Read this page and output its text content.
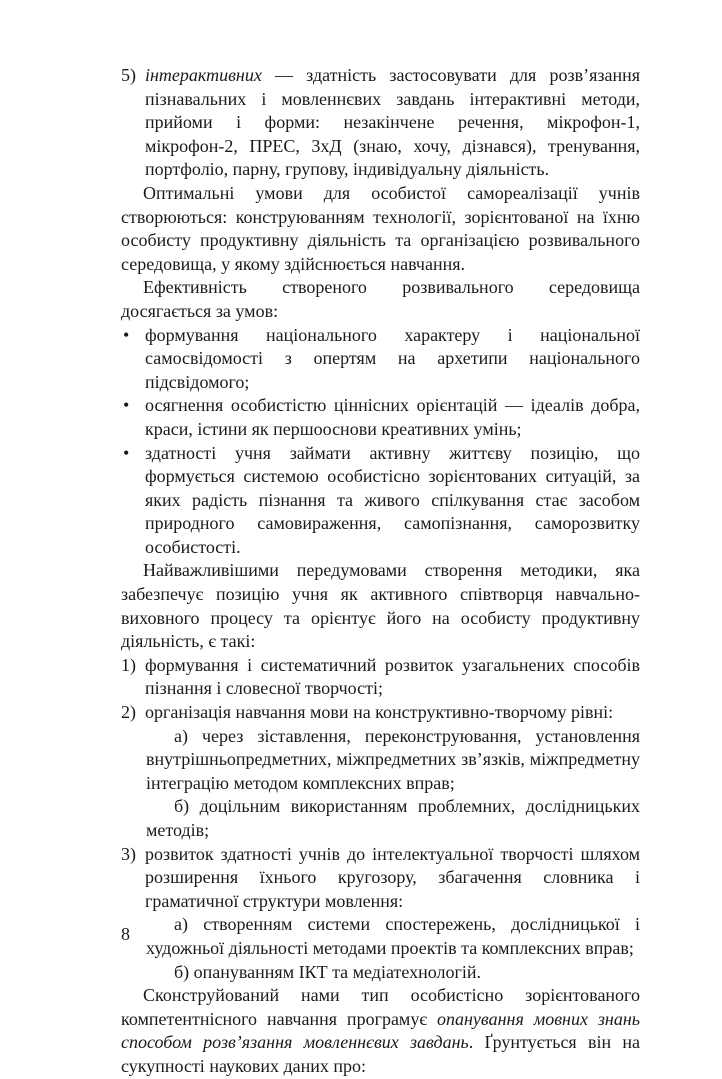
5) інтерактивних — здатність застосовувати для розв’язання пізнавальних і мовленнєвих завдань інтерактивні методи, прийоми і форми: незакінчене речення, мікрофон-1, мікрофон-2, ПРЕС, 3хД (знаю, хочу, дізнався), тренування, портфоліо, парну, групову, індивідуальну діяльність.

Оптимальні умови для особистої самореалізації учнів створюються: конструюванням технології, зорієнтованої на їхню особисту продуктивну діяльність та організацією розвивального середовища, у якому здійснюється навчання.

Ефективність створеного розвивального середовища досягається за умов:

• формування національного характеру і національної самосвідомості з опертям на архетипи національного підсвідомого;
• осягнення особистістю ціннісних орієнтацій — ідеалів добра, краси, істини як першооснови креативних умінь;
• здатності учня займати активну життєву позицію, що формується системою особистісно зорієнтованих ситуацій, за яких радість пізнання та живого спілкування стає засобом природного самовираження, самопізнання, саморозвитку особистості.

Найважливішими передумовами створення методики, яка забезпечує позицію учня як активного співтворця навчально-виховного процесу та орієнтує його на особисту продуктивну діяльність, є такі:

1) формування і систематичний розвиток узагальнених способів пізнання і словесної творчості;
2) організація навчання мови на конструктивно-творчому рівні:

а) через зіставлення, переконструювання, установлення внутрішньопредметних, міжпредметних зв’язків, міжпредметну інтеграцію методом комплексних вправ;

б) доцільним використанням проблемних, дослідницьких методів;

3) розвиток здатності учнів до інтелектуальної творчості шляхом розширення їхнього кругозору, збагачення словника і граматичної структури мовлення:

а) створенням системи спостережень, дослідницької і художньої діяльності методами проектів та комплексних вправ;

б) опануванням ІКТ та медіатехнологій.

Сконструйований нами тип особистісно зорієнтованого компетентнісного навчання програмує опанування мовних знань способом розв’язання мовленнєвих завдань. Ґрунтується він на сукупності наукових даних про:

8
